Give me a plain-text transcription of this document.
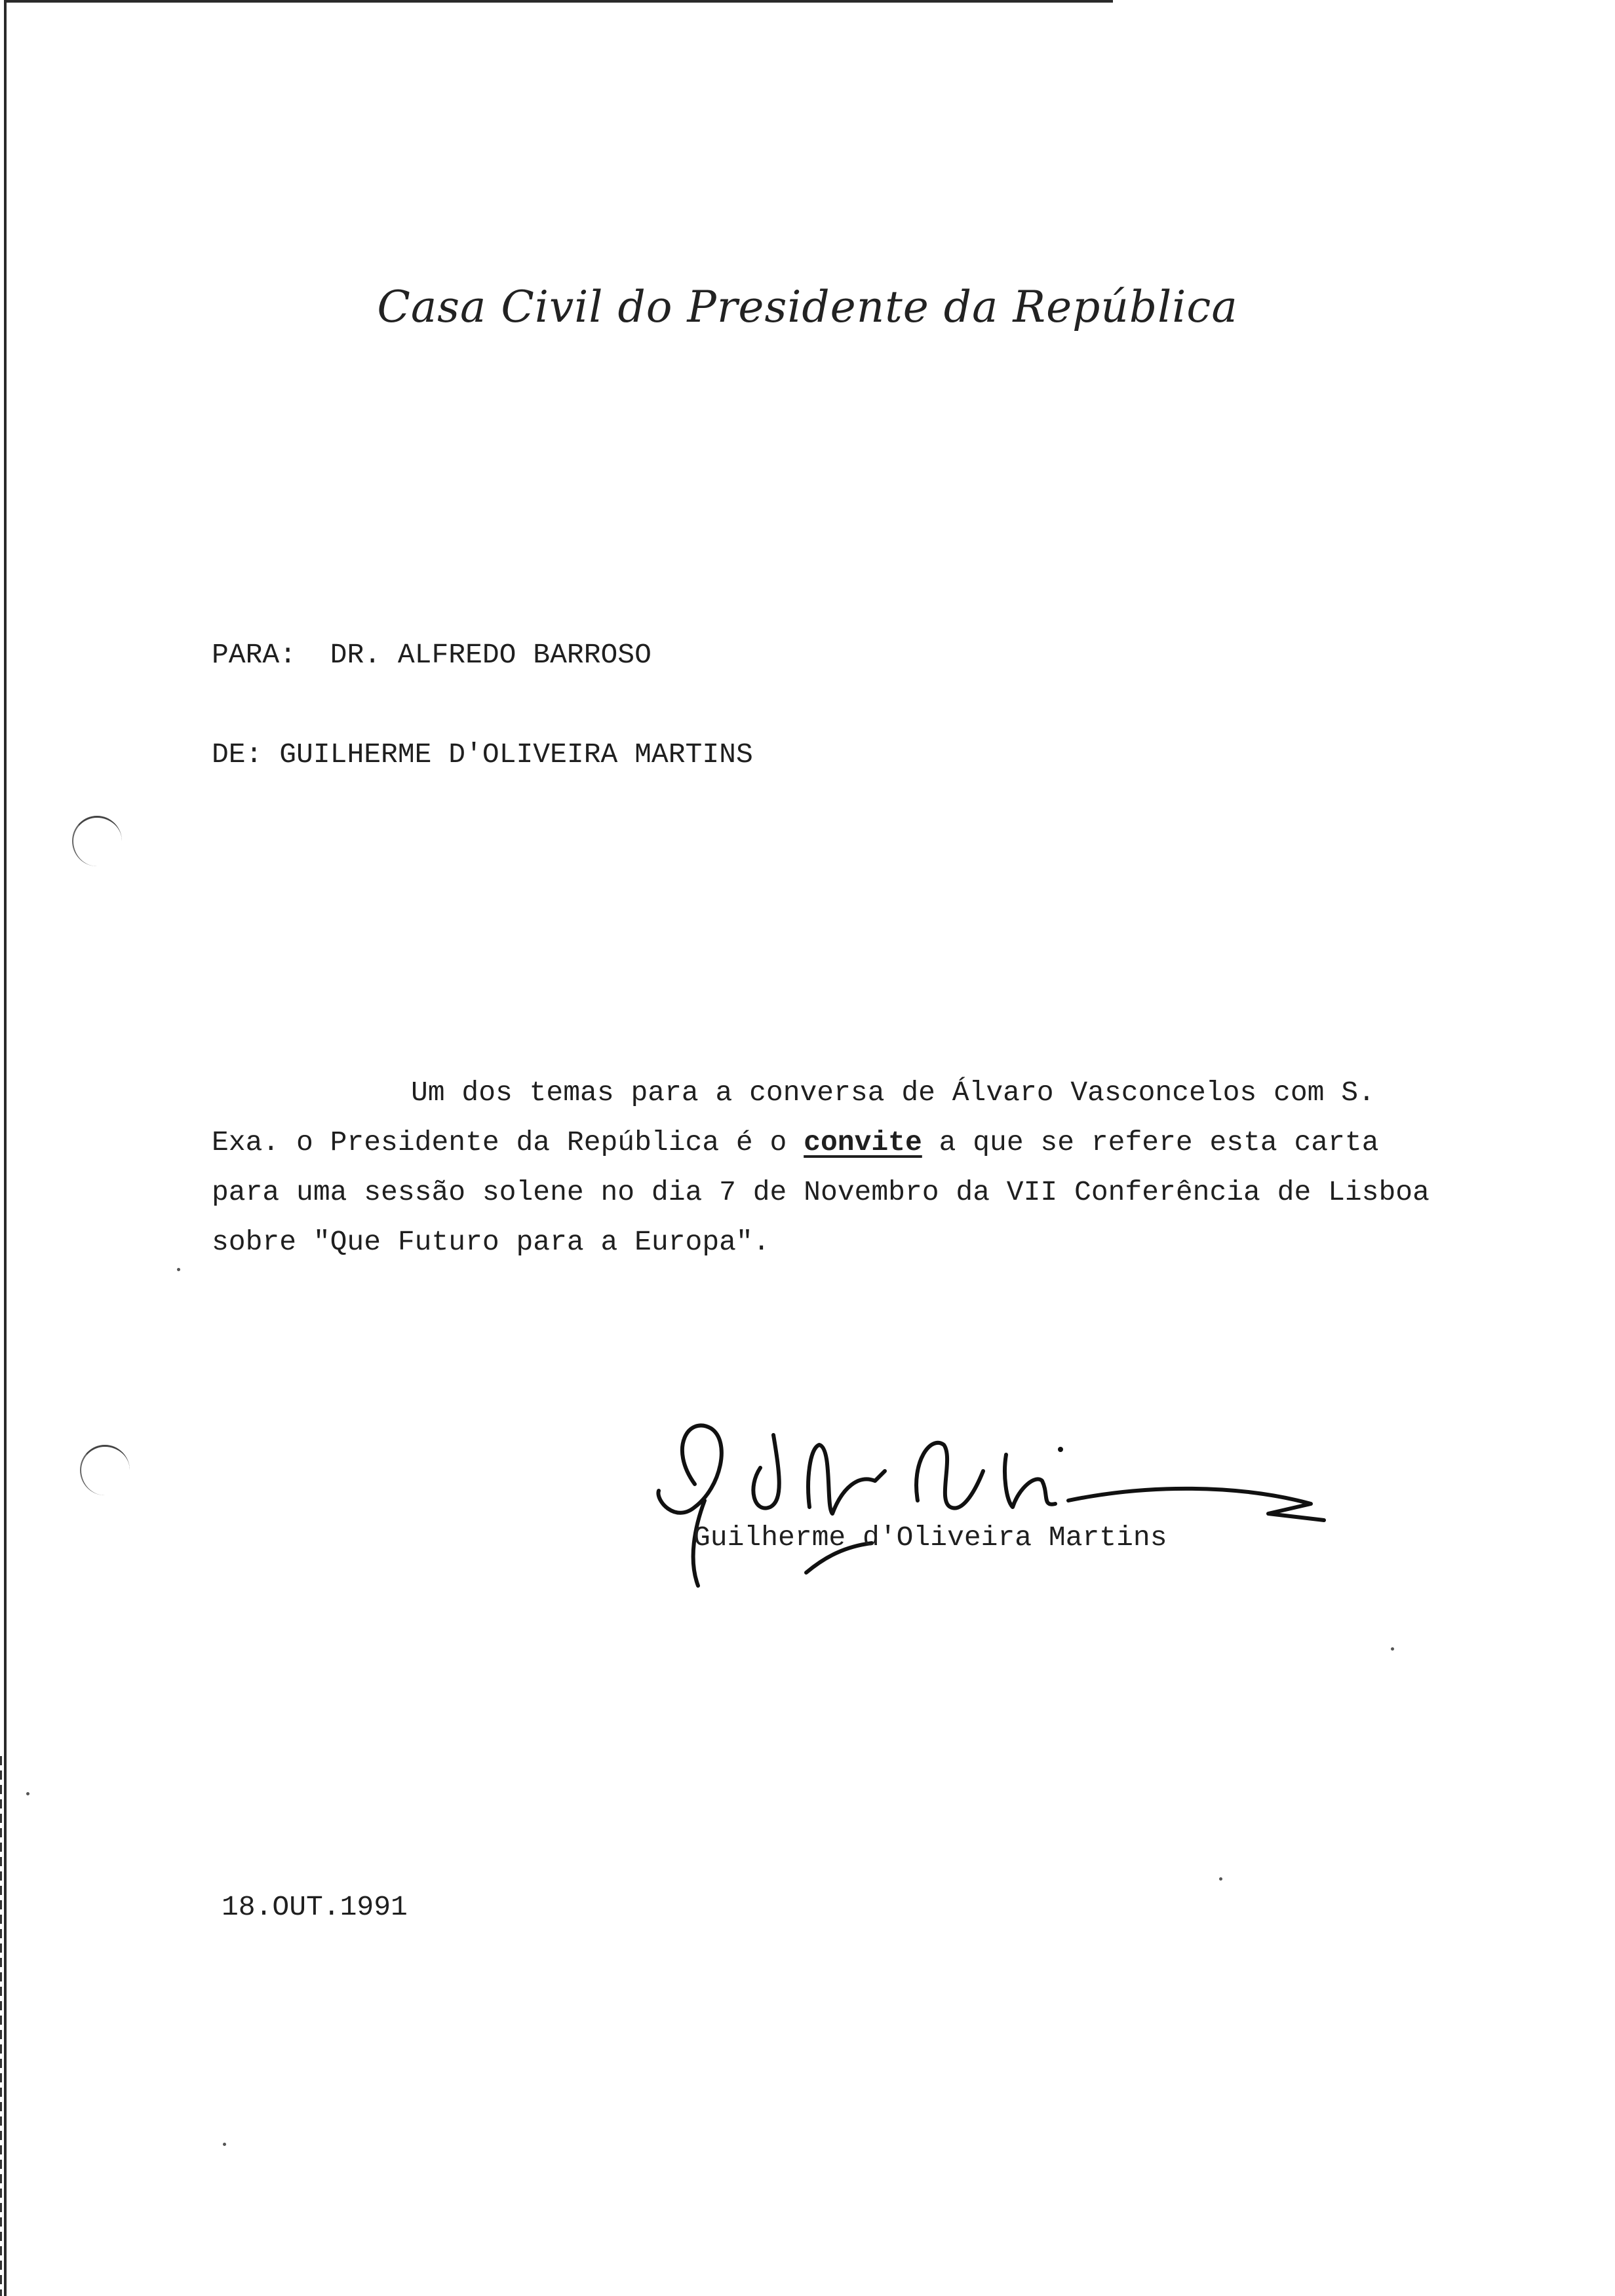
Casa Civil do Presidente da República
PARA: DR. ALFREDO BARROSO
DE: GUILHERME D'OLIVEIRA MARTINS
Um dos temas para a conversa de Álvaro Vasconcelos com S. Exa. o Presidente da República é o convite a que se refere esta carta para uma sessão solene no dia 7 de Novembro da VII Conferência de Lisboa sobre "Que Futuro para a Europa".
Guilherme d'Oliveira Martins
18.OUT.1991
